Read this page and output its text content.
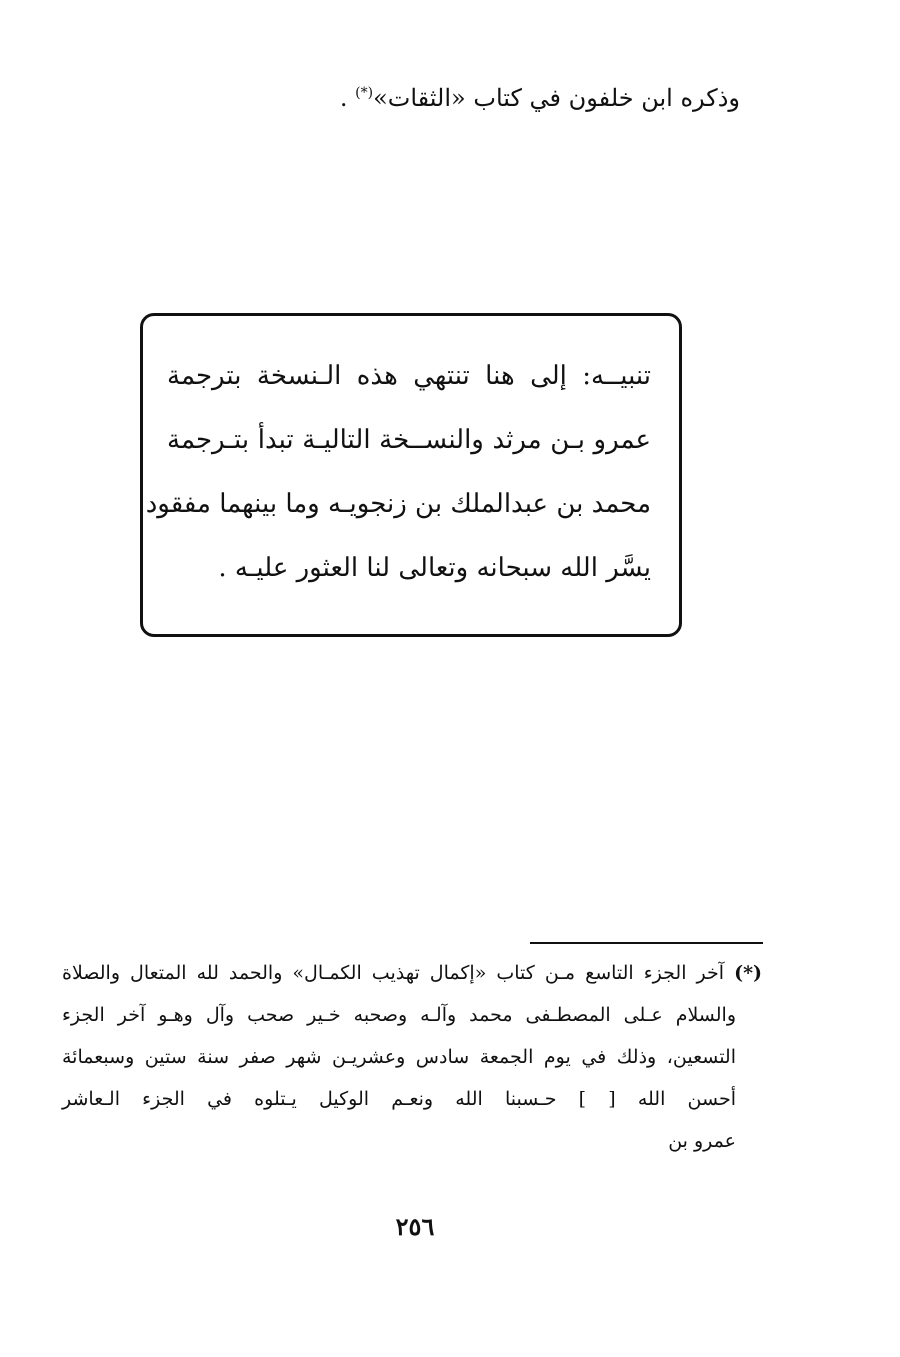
وذكره ابن خلفون في كتاب «الثقات»(*) .
تنبيــه: إلى هنا تنتهي هذه الـنسخة بترجمة
عمرو بـن مرثد والنســخة التاليـة تبدأ بتـرجمة
محمد بن عبدالملك بن زنجويـه وما بينهما مفقود
يسَّر الله سبحانه وتعالى لنا العثور عليـه .
(*) آخر الجزء التاسع مـن كتاب «إكمال تهذيب الكمـال» والحمد لله المتعال والصلاة
والسلام عـلى المصطـفى محمد وآلـه وصحبه خـير صحب وآل وهـو آخر الجزء
التسعين، وذلك في يوم الجمعة سادس وعشريـن شهر صفر سنة ستين وسبعمائة
أحسن الله [ ] حـسبنا الله ونعـم الوكيل يـتلوه في الجزء الـعاشر
عمرو بن
٢٥٦
